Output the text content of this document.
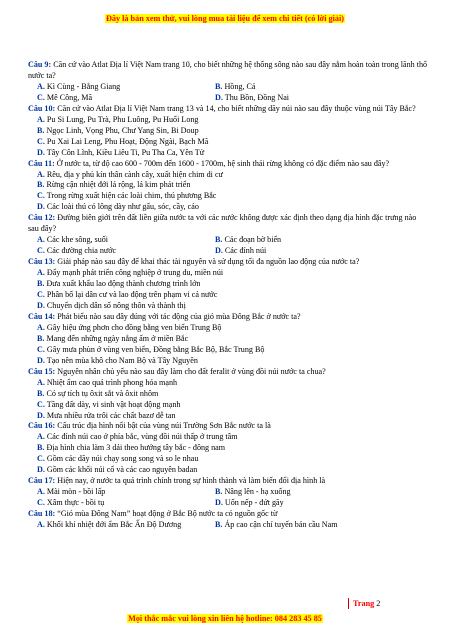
Đây là bản xem thử, vui lòng mua tài liệu để xem chi tiết (có lời giải)

Câu 9: Căn cứ vào Atlat Địa lí Việt Nam trang 10, cho biết những hệ thống sông nào sau đây nằm hoàn toàn trong lãnh thổ nước ta?

A. Kì Cùng - Bằng Giang	B. Hồng, Cả
C. Mê Công, Mã	D. Thu Bồn, Đồng Nai

Câu 10: Căn cứ vào Atlat Địa lí Việt Nam trang 13 và 14, cho biết những dãy núi nào sau đây thuộc vùng núi Tây Bắc?

A. Pu Si Lung, Pu Trà, Phu Luông, Pu Huổi Long
B. Ngọc Linh, Vọng Phu, Chư Yang Sin, Bi Doup
C. Pu Xai Lai Leng, Phu Hoạt, Động Ngài, Bạch Mã
D. Tây Côn Lĩnh, Kiều Liêu Ti, Pu Tha Ca, Yên Tử

Câu 11: Ở nước ta, từ độ cao 600 - 700m đến 1600 - 1700m, hệ sinh thái rừng không có đặc điểm nào sau đây?

A. Rêu, địa y phủ kín thân cành cây, xuất hiện chim di cư
B. Rừng cận nhiệt đới lá rộng, lá kim phát triển
C. Trong rừng xuất hiện các loài chim, thú phương Bắc
D. Các loài thú có lông dày như gấu, sóc, cầy, cáo

Câu 12: Đường biên giới trên đất liền giữa nước ta với các nước không được xác định theo dạng địa hình đặc trưng nào sau đây?

A. Các khe sông, suối	B. Các đoạn bờ biển
C. Các đường chia nước	D. Các đỉnh núi

Câu 13: Giải pháp nào sau đây để khai thác tài nguyên và sử dụng tối đa nguồn lao động của nước ta?

A. Đẩy mạnh phát triển công nghiệp ở trung du, miền núi
B. Đưa xuất khẩu lao động thành chương trình lớn
C. Phân bố lại dân cư và lao động trên phạm vi cả nước
D. Chuyển dịch dân số nông thôn và thành thị

Câu 14: Phát biểu nào sau đây đúng với tác động của gió mùa Đông Bắc ở nước ta?

A. Gây hiệu ứng phơn cho đồng bằng ven biển Trung Bộ
B. Mang đến những ngày nắng ấm ở miền Bắc
C. Gây mưa phùn ở vùng ven biển, Đồng bằng Bắc Bộ, Bắc Trung Bộ
D. Tạo nên mùa khô cho Nam Bộ và Tây Nguyên

Câu 15: Nguyên nhân chủ yếu nào sau đây làm cho đất feralit ở vùng đồi núi nước ta chua?

A. Nhiệt ẩm cao quá trình phong hóa mạnh
B. Có sự tích tụ ôxit sắt và ôxit nhôm
C. Tầng đất dày, vi sinh vật hoạt động mạnh
D. Mưa nhiều rửa trôi các chất bazơ dễ tan

Câu 16: Cấu trúc địa hình nổi bật của vùng núi Trường Sơn Bắc nước ta là

A. Các đỉnh núi cao ở phía bắc, vùng đồi núi thấp ở trung tâm
B. Địa hình chia làm 3 dải theo hướng tây bắc - đông nam
C. Gồm các dãy núi chạy song song và so le nhau
D. Gồm các khối núi cổ và các cao nguyên badan

Câu 17: Hiện nay, ở nước ta quá trình chính trong sự hình thành và làm biến đổi địa hình là

A. Mài mòn - bồi lấp	B. Nâng lên - hạ xuống
C. Xâm thực - bồi tụ	D. Uốn nếp - đứt gãy

Câu 18: “Gió mùa Đông Nam” hoạt động ở Bắc Bộ nước ta có nguồn gốc từ

A. Khối khí nhiệt đới ẩm Bắc Ấn Độ Dương	B. Áp cao cận chí tuyến bán cầu Nam
Trang 2
Mọi thắc mắc vui lòng xin liên hệ hotline: 084 283 45 85
